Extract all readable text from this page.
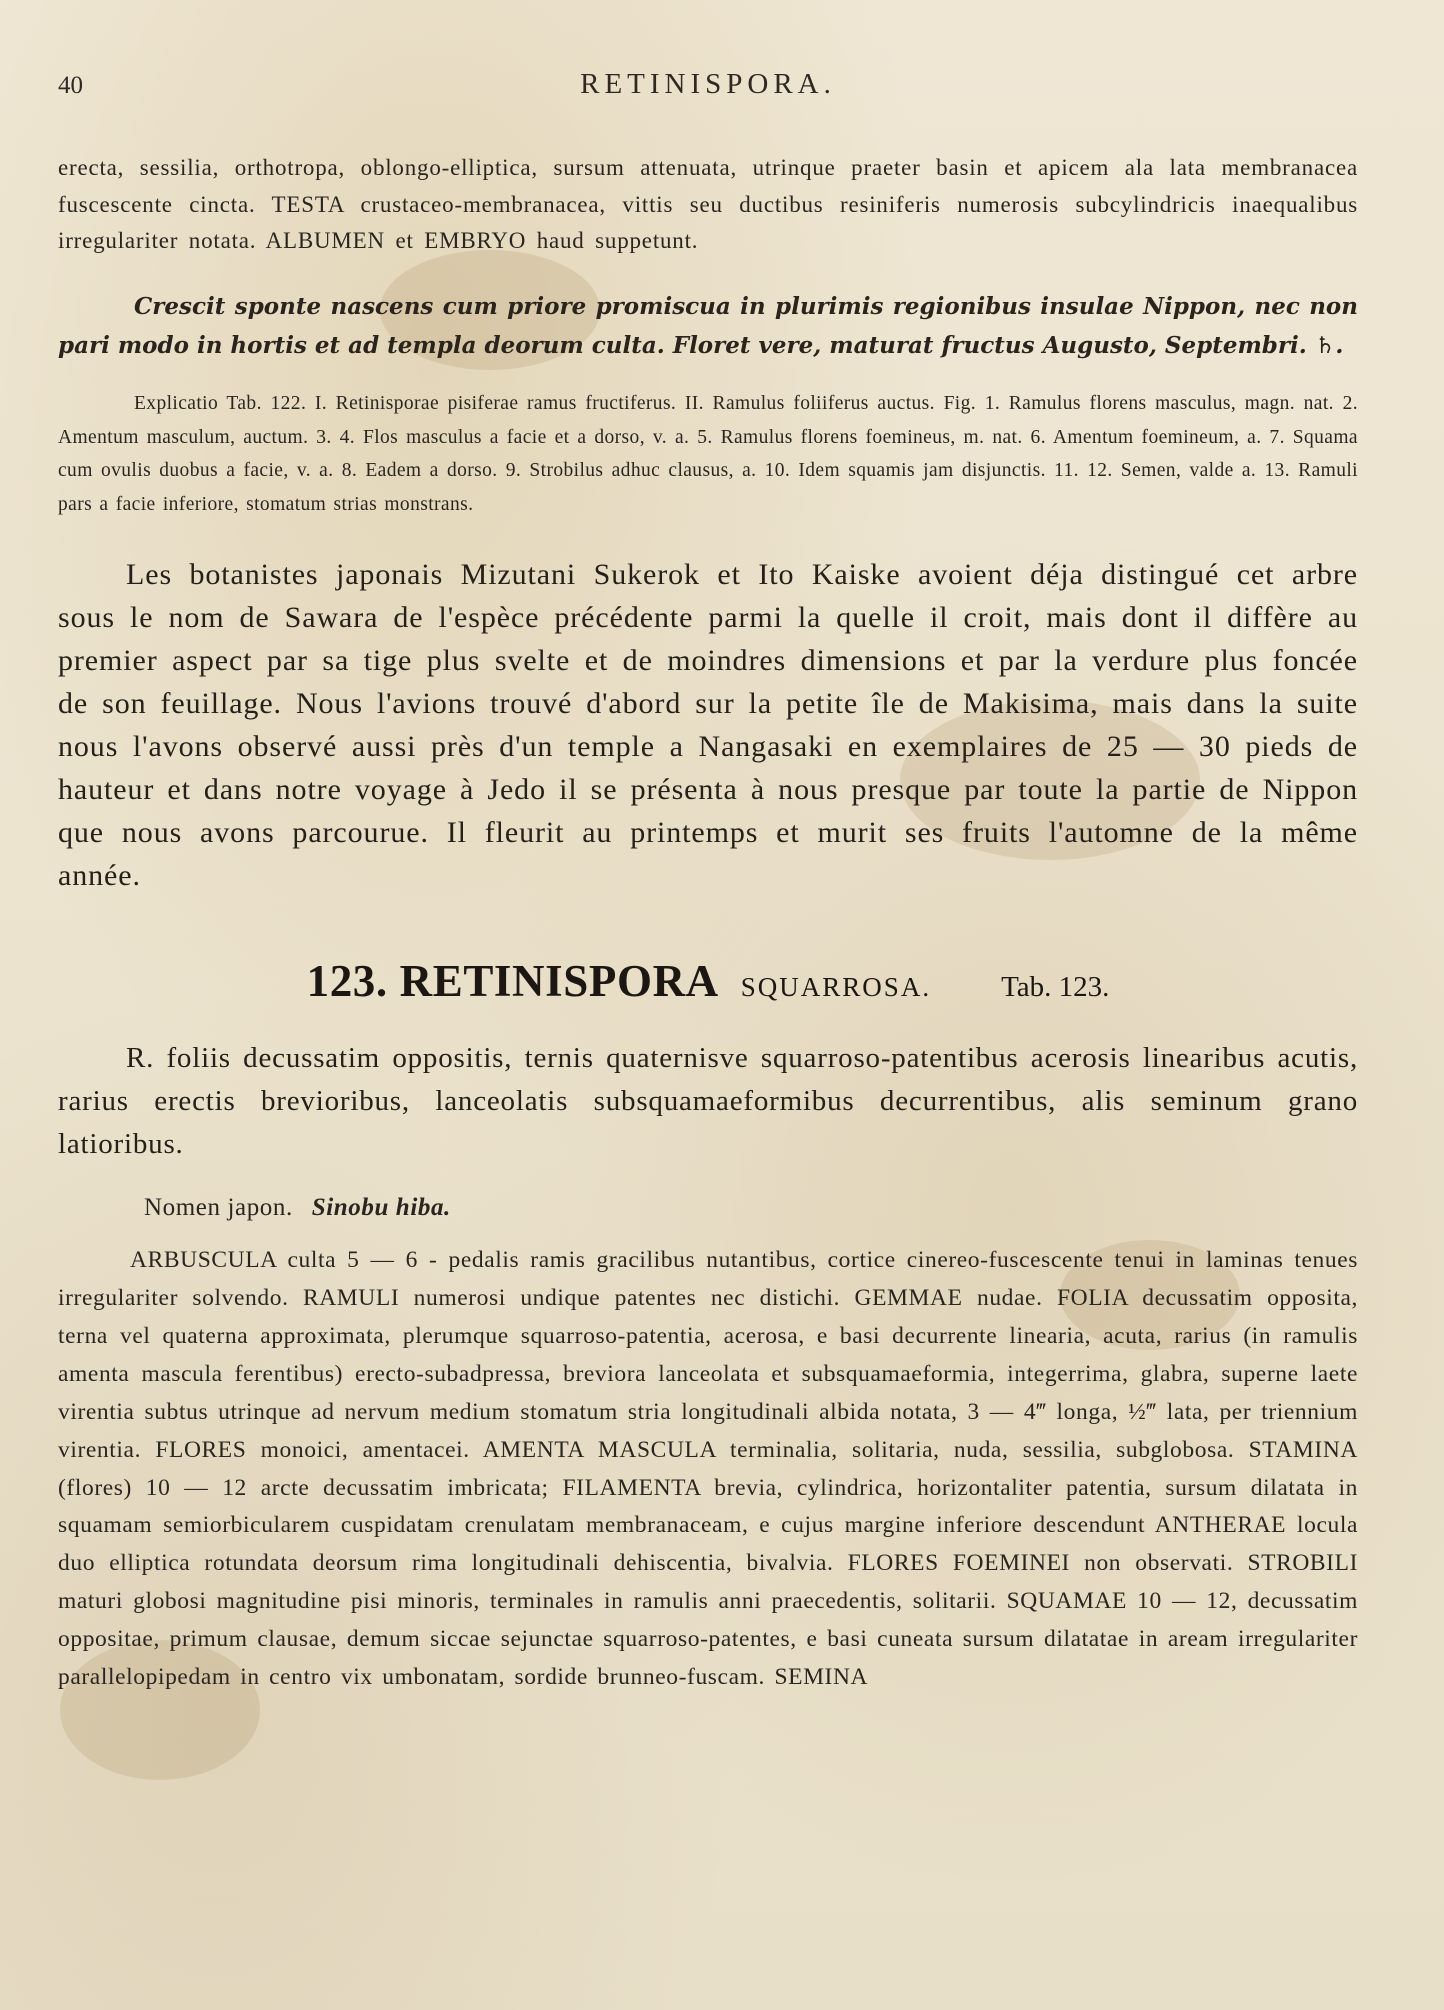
40	RETINISPORA.

erecta, sessilia, orthotropa, oblongo-elliptica, sursum attenuata, utrinque praeter basin et apicem ala lata membranacea fuscescente cincta. TESTA crustaceo-membranacea, vittis seu ductibus resiniferis numerosis subcylindricis inaequalibus irregulariter notata. ALBUMEN et EMBRYO haud suppetunt.

Crescit sponte nascens cum priore promiscua in plurimis regionibus insulae Nippon, nec non pari modo in hortis et ad templa deorum culta. Floret vere, maturat fructus Augusto, Septembri. ♄.

Explicatio Tab. 122. I. Retinisporae pisiferae ramus fructiferus. II. Ramulus foliiferus auctus. Fig. 1. Ramulus florens masculus, magn. nat. 2. Amentum masculum, auctum. 3. 4. Flos masculus a facie et a dorso, v. a. 5. Ramulus florens foemineus, m. nat. 6. Amentum foemineum, a. 7. Squama cum ovulis duobus a facie, v. a. 8. Eadem a dorso. 9. Strobilus adhuc clausus, a. 10. Idem squamis jam disjunctis. 11. 12. Semen, valde a. 13. Ramuli pars a facie inferiore, stomatum strias monstrans.

Les botanistes japonais Mizutani Sukerok et Ito Kaiske avoient déja distingué cet arbre sous le nom de Sawara de l'espèce précédente parmi la quelle il croit, mais dont il diffère au premier aspect par sa tige plus svelte et de moindres dimensions et par la verdure plus foncée de son feuillage. Nous l'avions trouvé d'abord sur la petite île de Makisima, mais dans la suite nous l'avons observé aussi près d'un temple a Nangasaki en exemplaires de 25 — 30 pieds de hauteur et dans notre voyage à Jedo il se présenta à nous presque par toute la partie de Nippon que nous avons parcourue. Il fleurit au printemps et murit ses fruits l'automne de la même année.

123. RETINISPORA SQUARROSA. Tab. 123.

R. foliis decussatim oppositis, ternis quaternisve squarroso-patentibus acerosis linearibus acutis, rarius erectis brevioribus, lanceolatis subsquamaeformibus decurrentibus, alis seminum grano latioribus.

Nomen japon. Sinobu hiba.

ARBUSCULA culta 5 — 6 - pedalis ramis gracilibus nutantibus, cortice cinereo-fuscescente tenui in laminas tenues irregulariter solvendo. RAMULI numerosi undique patentes nec distichi. GEMMAE nudae. FOLIA decussatim opposita, terna vel quaterna approximata, plerumque squarroso-patentia, acerosa, e basi decurrente linearia, acuta, rarius (in ramulis amenta mascula ferentibus) erecto-subadpressa, breviora lanceolata et subsquamaeformia, integerrima, glabra, superne laete virentia subtus utrinque ad nervum medium stomatum stria longitudinali albida notata, 3 — 4‴ longa, ½‴ lata, per triennium virentia. FLORES monoici, amentacei. AMENTA MASCULA terminalia, solitaria, nuda, sessilia, subglobosa. STAMINA (flores) 10 — 12 arcte decussatim imbricata; FILAMENTA brevia, cylindrica, horizontaliter patentia, sursum dilatata in squamam semiorbicularem cuspidatam crenulatam membranaceam, e cujus margine inferiore descendunt ANTHERAE locula duo elliptica rotundata deorsum rima longitudinali dehiscentia, bivalvia. FLORES FOEMINEI non observati. STROBILI maturi globosi magnitudine pisi minoris, terminales in ramulis anni praecedentis, solitarii. SQUAMAE 10 — 12, decussatim oppositae, primum clausae, demum siccae sejunctae squarroso-patentes, e basi cuneata sursum dilatatae in aream irregulariter parallelopipedam in centro vix umbonatam, sordide brunneo-fuscam. SEMINA
